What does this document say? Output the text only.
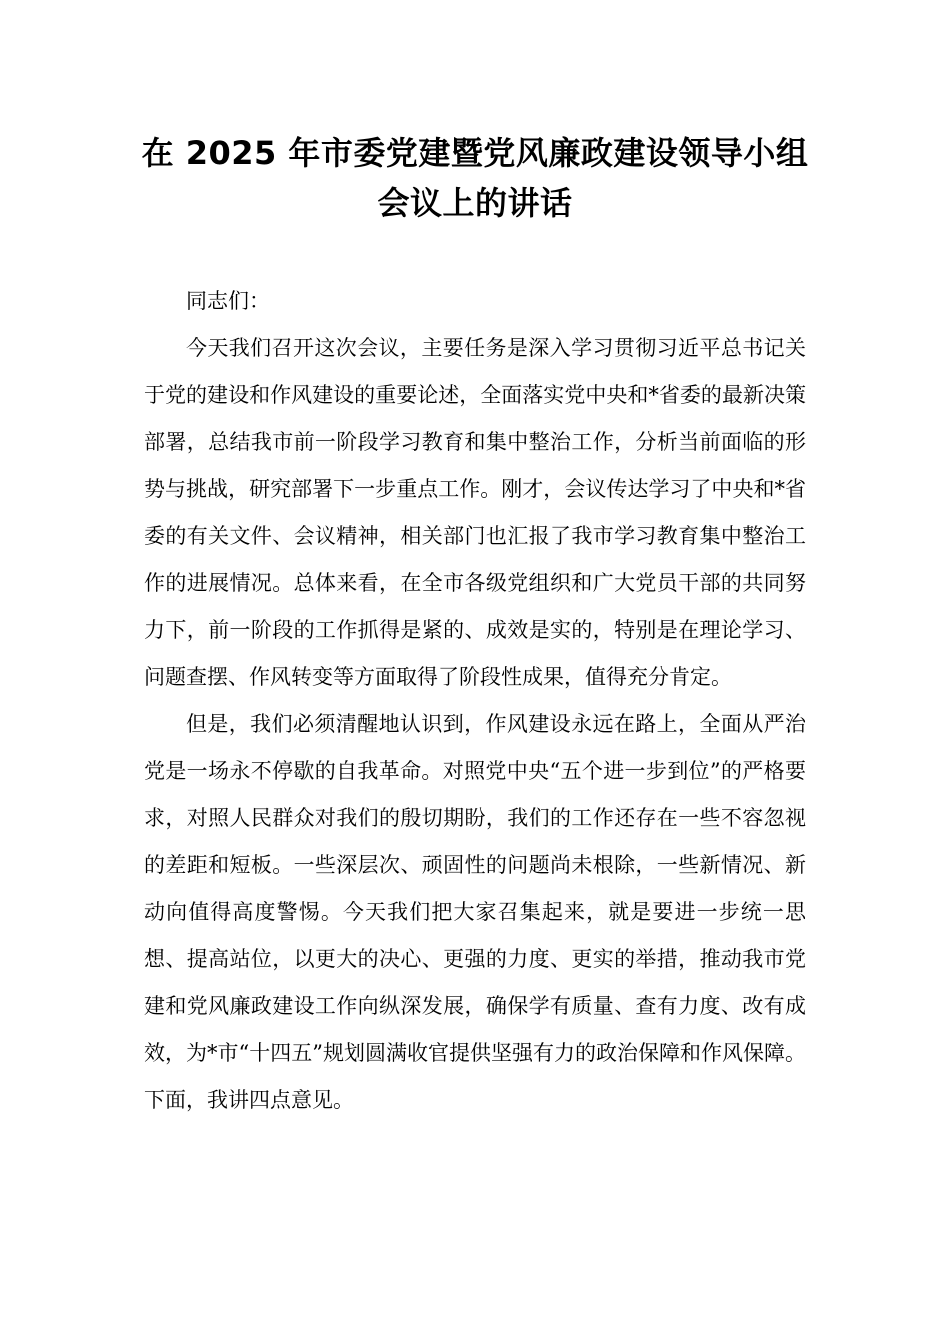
在 2025 年市委党建暨党风廉政建设领导小组会议上的讲话

同志们：

今天我们召开这次会议，主要任务是深入学习贯彻习近平总书记关于党的建设和作风建设的重要论述，全面落实党中央和*省委的最新决策部署，总结我市前一阶段学习教育和集中整治工作，分析当前面临的形势与挑战，研究部署下一步重点工作。刚才，会议传达学习了中央和*省委的有关文件、会议精神，相关部门也汇报了我市学习教育集中整治工作的进展情况。总体来看，在全市各级党组织和广大党员干部的共同努力下，前一阶段的工作抓得是紧的、成效是实的，特别是在理论学习、问题查摆、作风转变等方面取得了阶段性成果，值得充分肯定。

但是，我们必须清醒地认识到，作风建设永远在路上，全面从严治党是一场永不停歇的自我革命。对照党中央“五个进一步到位”的严格要求，对照人民群众对我们的殷切期盼，我们的工作还存在一些不容忽视的差距和短板。一些深层次、顽固性的问题尚未根除，一些新情况、新动向值得高度警惕。今天我们把大家召集起来，就是要进一步统一思想、提高站位，以更大的决心、更强的力度、更实的举措，推动我市党建和党风廉政建设工作向纵深发展，确保学有质量、查有力度、改有成效，为*市“十四五”规划圆满收官提供坚强有力的政治保障和作风保障。下面，我讲四点意见。
